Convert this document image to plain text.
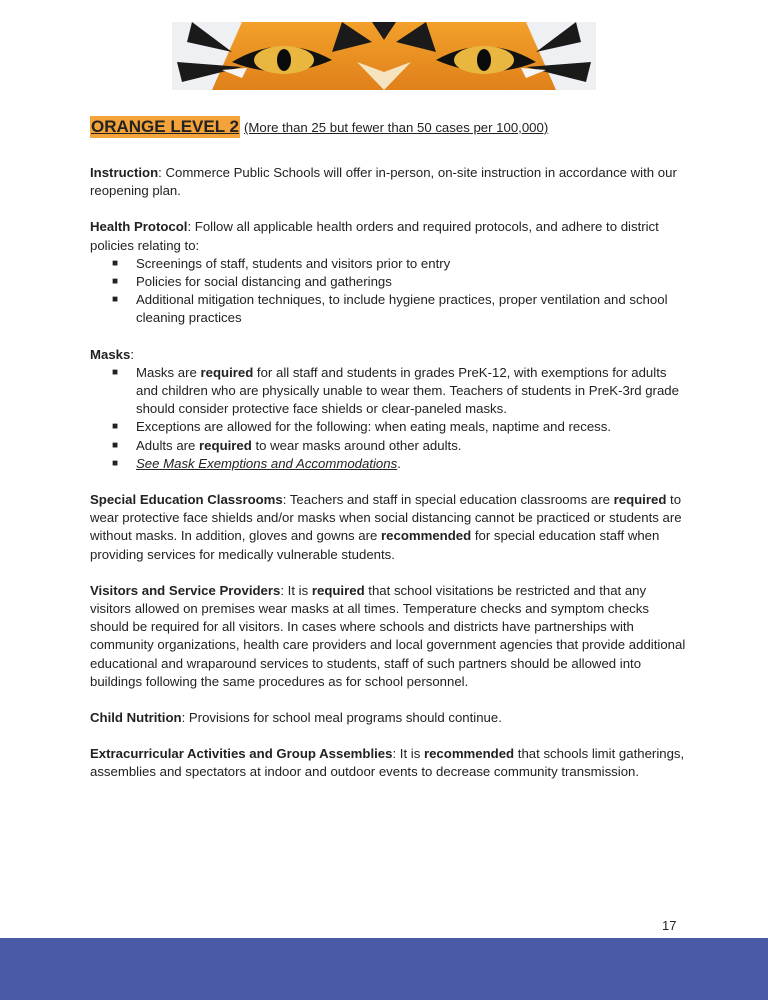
ORANGE LEVEL 2 (More than 25 but fewer than 50 cases per 100,000)

Instruction: Commerce Public Schools will offer in-person, on-site instruction in accordance with our reopening plan.

Health Protocol: Follow all applicable health orders and required protocols, and adhere to district policies relating to:

■ Screenings of staff, students and visitors prior to entry
■ Policies for social distancing and gatherings
■ Additional mitigation techniques, to include hygiene practices, proper ventilation and school cleaning practices

Masks:

■ Masks are required for all staff and students in grades PreK-12, with exemptions for adults and children who are physically unable to wear them. Teachers of students in PreK-3rd grade should consider protective face shields or clear-paneled masks.
■ Exceptions are allowed for the following: when eating meals, naptime and recess.
■ Adults are required to wear masks around other adults.
■ See Mask Exemptions and Accommodations.

Special Education Classrooms: Teachers and staff in special education classrooms are required to wear protective face shields and/or masks when social distancing cannot be practiced or students are without masks. In addition, gloves and gowns are recommended for special education staff when providing services for medically vulnerable students.

Visitors and Service Providers: It is required that school visitations be restricted and that any visitors allowed on premises wear masks at all times. Temperature checks and symptom checks should be required for all visitors. In cases where schools and districts have partnerships with community organizations, health care providers and local government agencies that provide additional educational and wraparound services to students, staff of such partners should be allowed into buildings following the same procedures as for school personnel.

Child Nutrition: Provisions for school meal programs should continue.

Extracurricular Activities and Group Assemblies: It is recommended that schools limit gatherings, assemblies and spectators at indoor and outdoor events to decrease community transmission.

17
